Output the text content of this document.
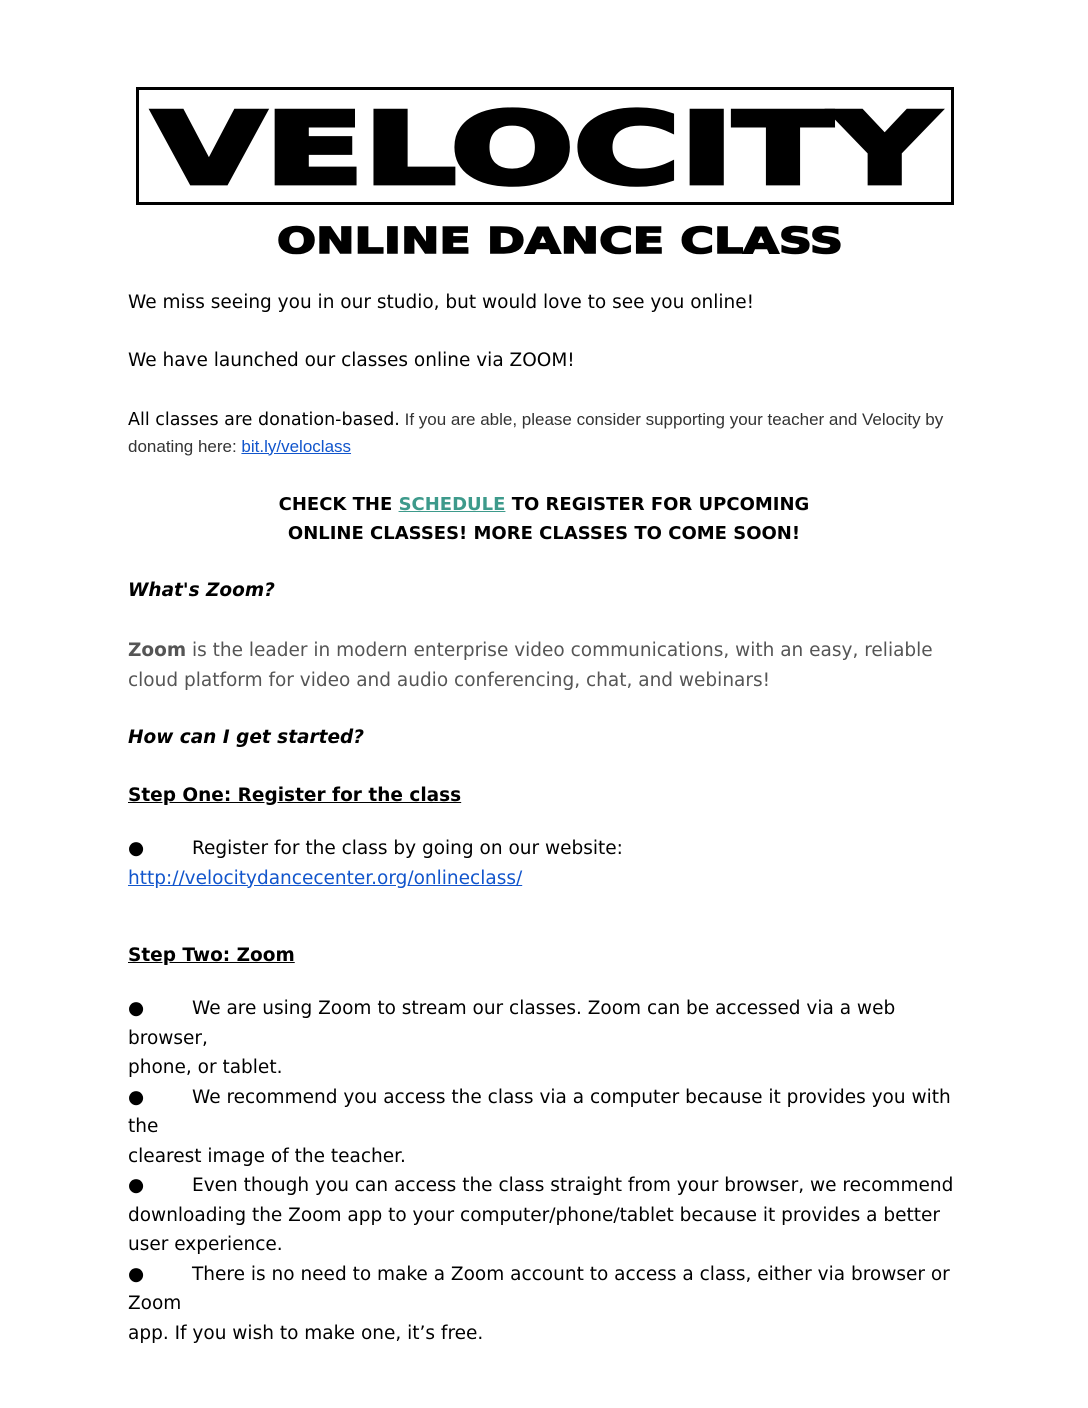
VELOCITY
ONLINE DANCE CLASS

We miss seeing you in our studio, but would love to see you online!

We have launched our classes online via ZOOM!

All classes are donation-based. If you are able, please consider supporting your teacher and Velocity by donating here: bit.ly/veloclass

CHECK THE SCHEDULE TO REGISTER FOR UPCOMING

ONLINE CLASSES! MORE CLASSES TO COME SOON!

What's Zoom?

Zoom is the leader in modern enterprise video communications, with an easy, reliable cloud platform for video and audio conferencing, chat, and webinars!

How can I get started?

Step One: Register for the class

●	Register for the class by going on our website:
http://velocitydancecenter.org/onlineclass/

Step Two: Zoom

●	We are using Zoom to stream our classes. Zoom can be accessed via a web browser,
phone, or tablet.
●	We recommend you access the class via a computer because it provides you with the
clearest image of the teacher.
●	Even though you can access the class straight from your browser, we recommend
downloading the Zoom app to your computer/phone/tablet because it provides a better user experience.
●	There is no need to make a Zoom account to access a class, either via browser or Zoom
app. If you wish to make one, it’s free.
